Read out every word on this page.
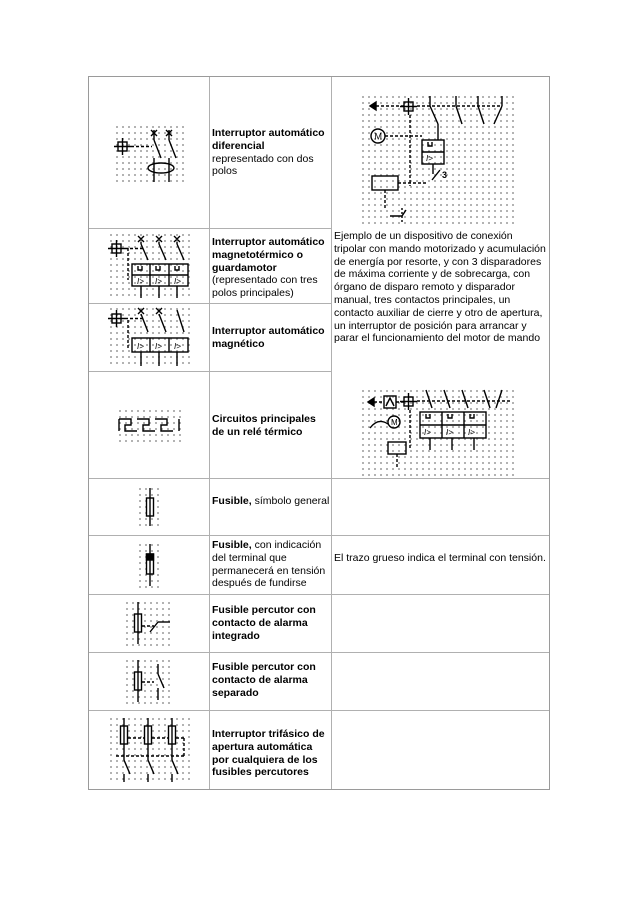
Interruptor automático diferencial
representado con dos polos
I> I> I>
Interruptor automático magnetotérmico o guardamotor
(representado con tres polos principales)
I> I> I>
Interruptor automático magnético
Circuitos principales de un relé térmico
Fusible, símbolo general
Fusible, con indicación del terminal que permanecerá en tensión después de fundirse
El trazo grueso indica el terminal con tensión.
Fusible percutor con contacto de alarma integrado
Fusible percutor con contacto de alarma separado
Interruptor trifásico de apertura automática por cualquiera de los fusibles percutores
M
I>
3
Ejemplo de un dispositivo de conexión tripolar con mando motorizado y acumulación de energía por resorte, y con 3 disparadores de máxima corriente y de sobrecarga, con órgano de disparo remoto y disparador manual, tres contactos principales, un contacto auxiliar de cierre y otro de apertura, un interruptor de posición para arrancar y parar el funcionamiento del motor de mando
M
I> I> I>
